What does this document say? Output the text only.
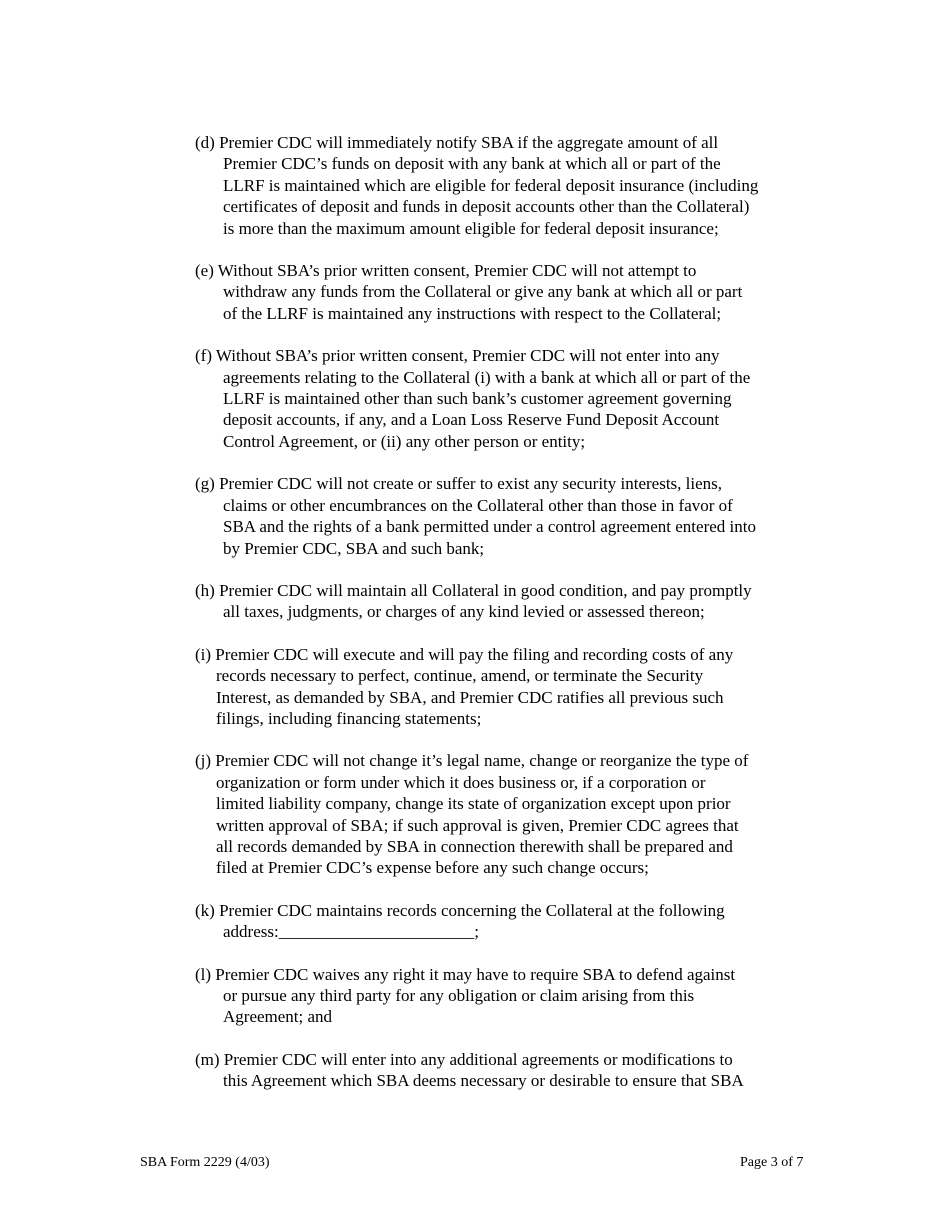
(d) Premier CDC will immediately notify SBA if the aggregate amount of all
Premier CDC’s funds on deposit with any bank at which all or part of the
LLRF is maintained which are eligible for federal deposit insurance (including
certificates of deposit and funds in deposit accounts other than the Collateral)
is more than the maximum amount eligible for federal deposit insurance;
(e) Without SBA’s prior written consent, Premier CDC will not attempt to
withdraw any funds from the Collateral or give any bank at which all or part
of the LLRF is maintained any instructions with respect to the Collateral;
(f) Without SBA’s prior written consent, Premier CDC will not enter into any
agreements relating to the Collateral (i) with a bank at which all or part of the
LLRF is maintained other than such bank’s customer agreement governing
deposit accounts, if any, and a Loan Loss Reserve Fund Deposit Account
Control Agreement, or (ii) any other person or entity;
(g) Premier CDC will not create or suffer to exist any security interests, liens,
claims or other encumbrances on the Collateral other than those in favor of
SBA and the rights of a bank permitted under a control agreement entered into
by Premier CDC, SBA and such bank;
(h) Premier CDC will maintain all Collateral in good condition, and pay promptly
all taxes, judgments, or charges of any kind levied or assessed thereon;
(i) Premier CDC will execute and will pay the filing and recording costs of any
records necessary to perfect, continue, amend, or terminate the Security
Interest, as demanded by SBA, and Premier CDC ratifies all previous such
filings, including financing statements;
(j) Premier CDC will not change it’s legal name, change or reorganize the type of
organization or form under which it does business or, if a corporation or
limited liability company, change its state of organization except upon prior
written approval of SBA; if such approval is given, Premier CDC agrees that
all records demanded by SBA in connection therewith shall be prepared and
filed at Premier CDC’s expense before any such change occurs;
(k) Premier CDC maintains records concerning the Collateral at the following
address:_______________________;
(l) Premier CDC waives any right it may have to require SBA to defend against
or pursue any third party for any obligation or claim arising from this
Agreement; and
(m) Premier CDC will enter into any additional agreements or modifications to
this Agreement which SBA deems necessary or desirable to ensure that SBA
SBA Form 2229 (4/03)	Page 3 of 7
